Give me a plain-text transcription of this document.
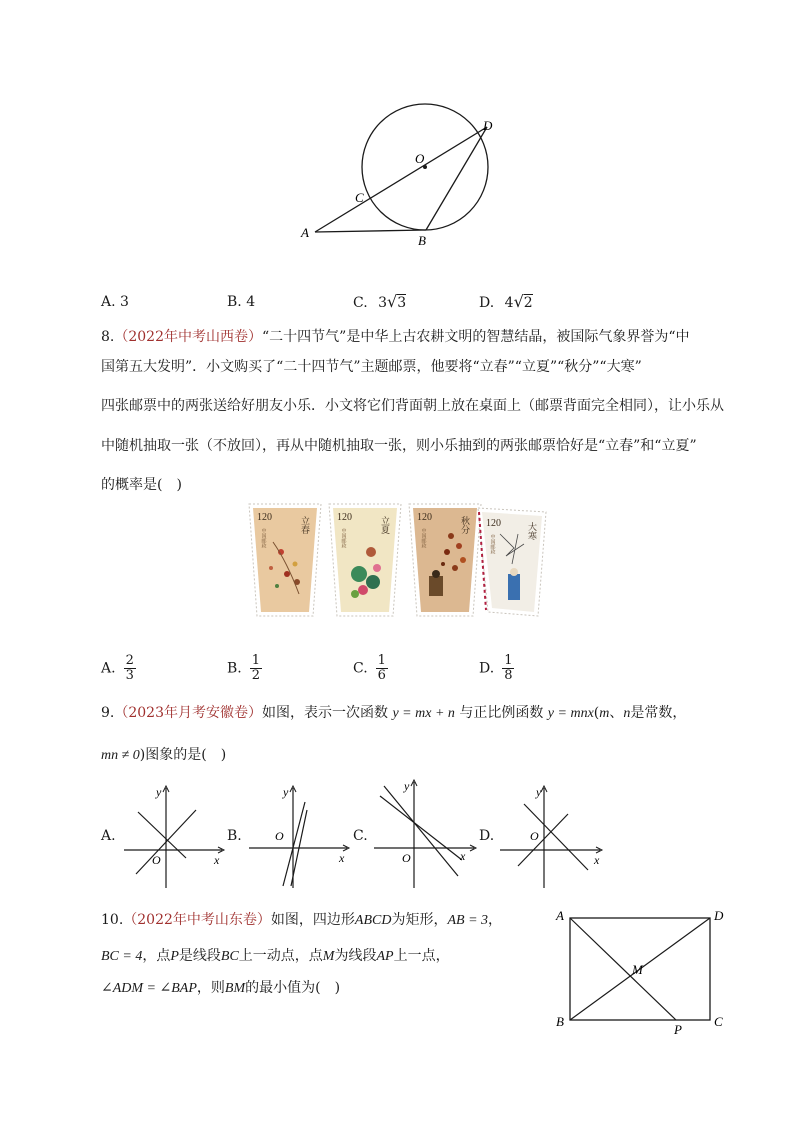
D
O
C
A
B
A. 3	B. 4	C. 3√3	D. 4√2
8.（2022年中考山西卷）“二十四节气”是中华上古农耕文明的智慧结晶，被国际气象界誉为“中
国第五大发明”．小文购买了“二十四节气”主题邮票，他要将“立春”“立夏”“秋分”“大寒”
四张邮票中的两张送给好朋友小乐．小文将它们背面朝上放在桌面上（邮票背面完全相同），让小乐从
中随机抽取一张（不放回），再从中随机抽取一张，则小乐抽到的两张邮票恰好是“立春”和“立夏”
的概率是(　)
120	立春
中国邮政
120	立夏
中国邮政
120	秋分
中国邮政
120	大寒
中国邮政
A. $\frac{2}{3}$	B. $\frac{1}{2}$	C. $\frac{1}{6}$	D. $\frac{1}{8}$
9.（2023年月考安徽卷）如图，表示一次函数 y = mx + n 与正比例函数 y = mnx(m、n是常数，
mn ≠ 0)图象的是(　)
A.
x
y
O
B.
x
y
O	C.
x
y
O
D.
x
y
O
10.（2022年中考山东卷）如图，四边形ABCD为矩形，AB = 3，
BC = 4，点P是线段BC上一动点，点M为线段AP上一点，
∠ADM = ∠BAP，则BM的最小值为(　)
A	D
M
B
P
C
